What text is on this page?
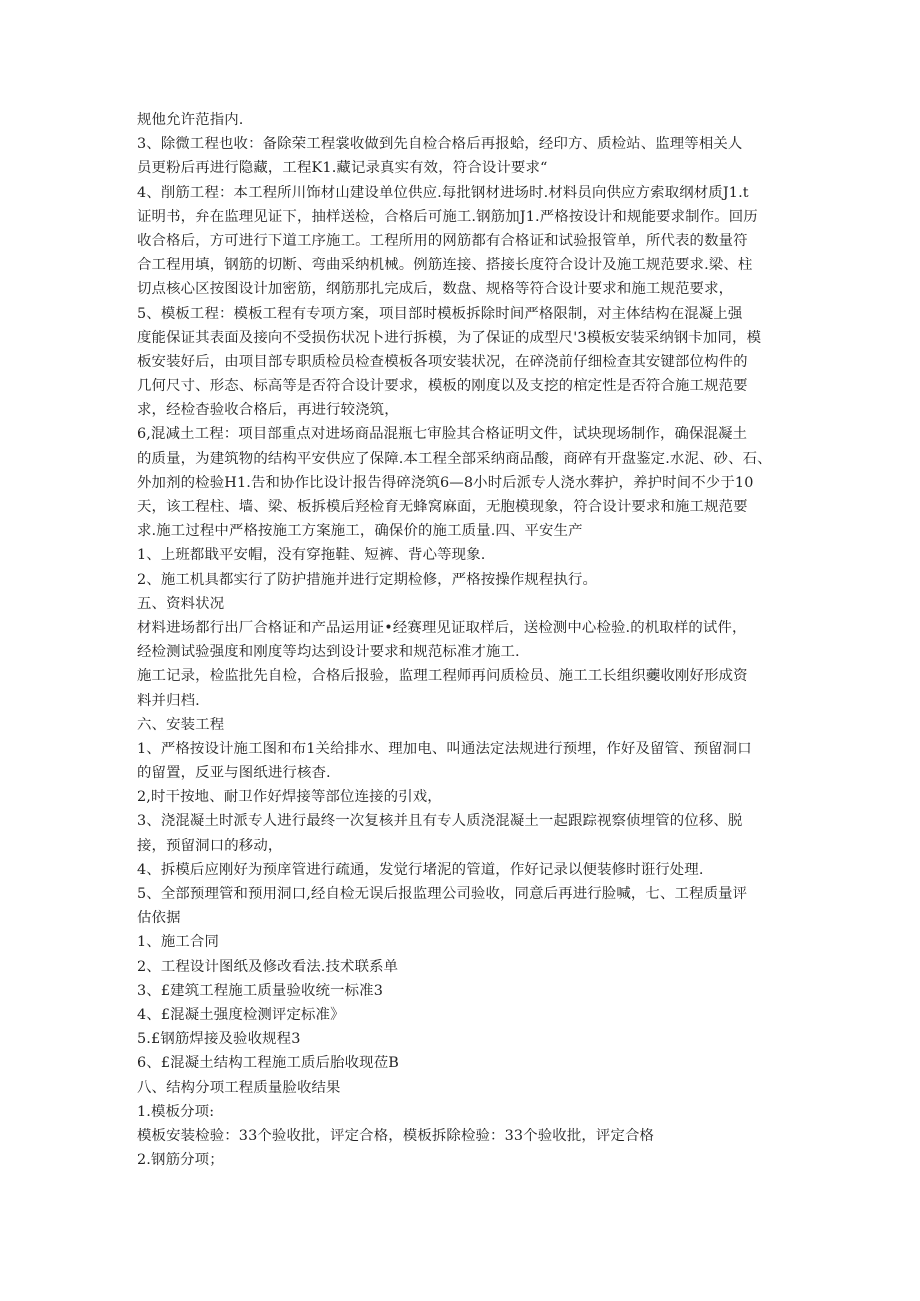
规他允许范指内.
3、除微工程也收：备除荣工程裳收做到先自检合格后再报蛤，经印方、质检站、监理等相关人
员更粉后再进行隐藏，工程K1.藏记录真实有效，符合设计要求“
4、削筋工程：本工程所川饰材山建设单位供应.每批钢材进场时.材料员向供应方索取纲材质J1.t
证明书，弁在监理见证下，抽样送检，合格后可施工.钢筋加J1.严格按设计和规能要求制作。回历
收合格后，方可进行下道工序施工。工程所用的网筋都有合格证和试验报管单，所代表的数量符
合工程用填，钢筋的切断、弯曲采纳机械。例筋连接、搭接长度符合设计及施工规范要求.梁、柱
切点核心区按图设计加密筋，纲筋那扎完成后，数盘、规格等符合设计要求和施工规范要求，
5、模板工程：模板工程有专项方案，项目部时模板拆除时间严格限制，对主体结构在混凝上强
度能保证其表面及接向不受损伤状况卜进行拆模，为了保证的成型尺'3模板安装采纳钢卡加同，模
板安装好后，由项目部专职质检员检查模板各项安装状况，在碎浇前仔细检查其安键部位构件的
几何尺寸、形态、标高等是否符合设计要求，模板的刚度以及支挖的棺定性是否符合施工规范要
求，经检杳验收合格后，再进行较浇筑，
6,混减土工程：项目部重点对进场商品混瓶七审脸其合格证明文件，试块现场制作，确保混凝土
的质量，为建筑物的结构平安供应了保障.本工程全部采纳商品酸，商碎有开盘鉴定.水泥、砂、石、
外加剂的检验H1.告和协作比设计报告得碎浇筑6—8小时后派专人浇水葬护，养护时间不少于10
天，该工程柱、墙、梁、板拆模后羟检育无蜂窝麻面，无胞模现象，符合设计要求和施工规范要
求.施工过程中严格按施工方案施工，确保价的施工质量.四、平安生产
1、上班都戢平安帽，没有穿拖鞋、短裤、背心等现象.
2、施工机具都实行了防护措施并进行定期检修，严格按操作规程执行。
五、资料状况
材料进场都行出厂合格证和产品运用证•经赛理见证取样后，送检测中心检验.的机取样的试件，
经检测试验强度和刚度等均达到设计要求和规范标准才施工.
施工记录，检监批先自检，合格后报验，监理工程师再问质检员、施工工长组织虁收刚好形成资
料并归档.
六、安装工程
1、严格按设计施工图和布1关给排水、理加电、叫通法定法规进行预埋，作好及留管、预留洞口
的留置，反亚与图纸进行核杳.
2,时干按地、耐卫作好焊接等部位连接的引戏，
3、浇混凝土时派专人进行最终一次复核并且有专人质浇混凝土一起跟踪视察侦埋管的位移、脱
接，预留洞口的移动，
4、拆模后应刚好为预庠管进行疏通，发觉行堵泥的管道，作好记录以便装修时诳行处理.
5、全部预理管和预用洞口,经自检无误后报监理公司验收，同意后再进行脸喊，七、工程质量评
估依据
1、施工合同
2、工程设计图纸及修改看法.技术联系单
3、£建筑工程施工质量验收统一标准3
4、£混凝土强度检测评定标准》
5.£钢筋焊接及验收规程3
6、£混凝土结构工程施工质后胎收现莅B
八、结构分项工程质量脸收结果
1.模板分项:
模板安装检验：33个验收批，评定合格，模板拆除检验：33个验收批，评定合格
2.钢筋分项；
